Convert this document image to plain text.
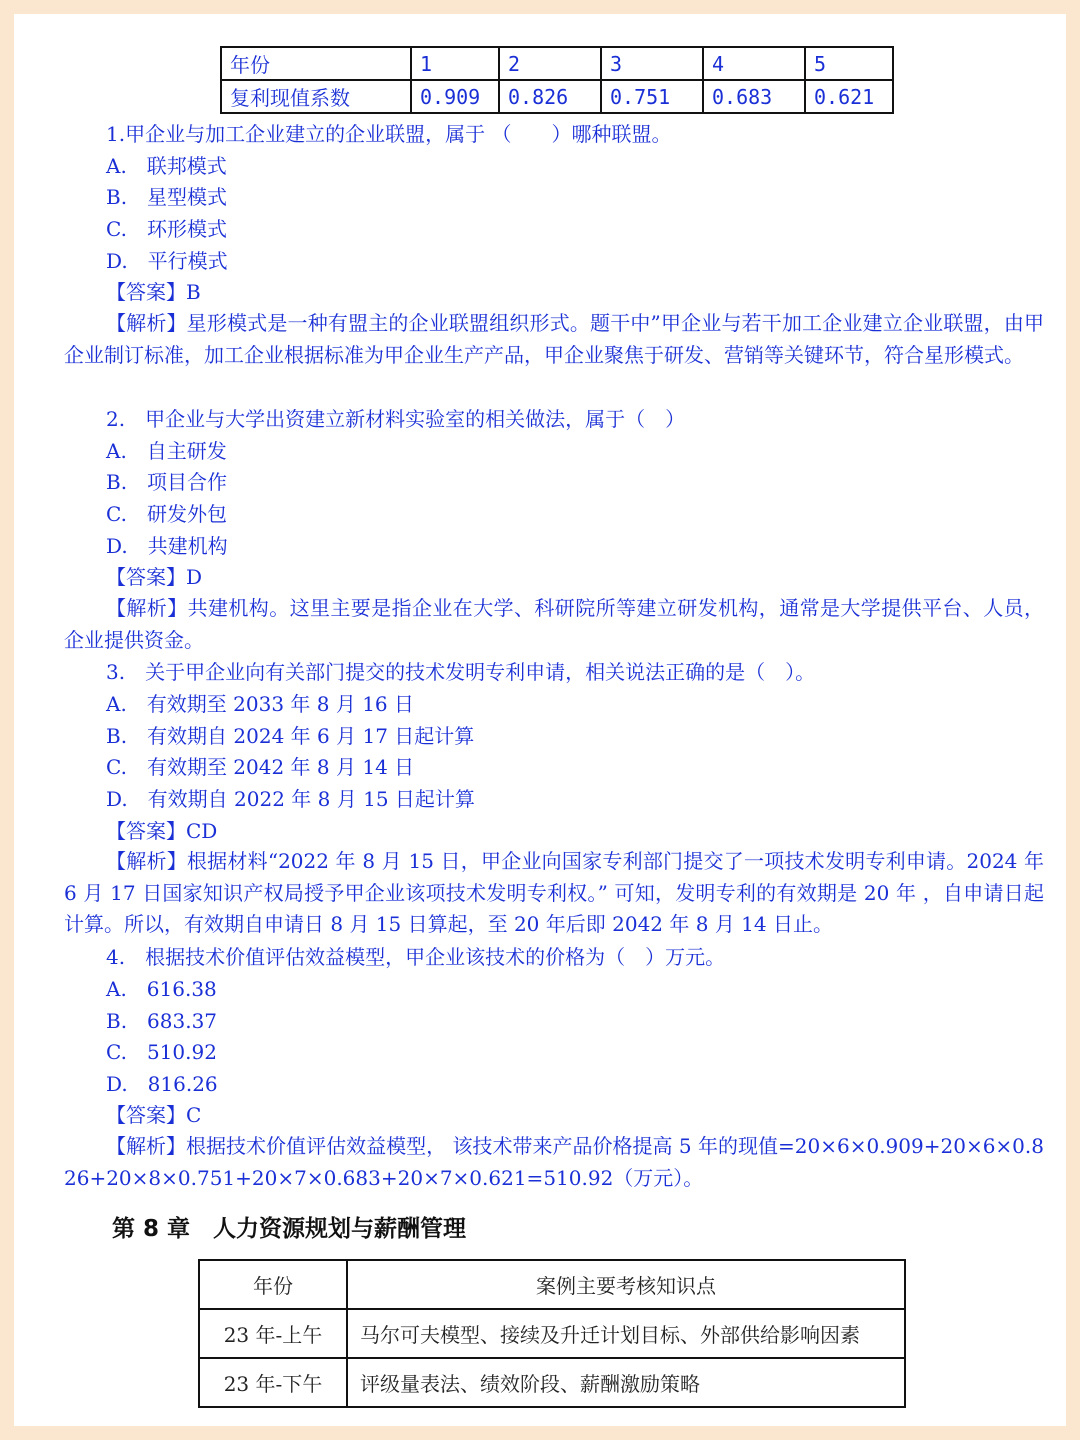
年份	1	2	3	4	5
复利现值系数	0.909	0.826	0.751	0.683	0.621
1.甲企业与加工企业建立的企业联盟，属于 （　　）哪种联盟。
A.　联邦模式
B.　星型模式
C.　环形模式
D.　平行模式
【答案】B
【解析】星形模式是一种有盟主的企业联盟组织形式。题干中”甲企业与若干加工企业建立企业联盟，由甲企业制订标准，加工企业根据标准为甲企业生产产品，甲企业聚焦于研发、营销等关键环节，符合星形模式。
2.　甲企业与大学出资建立新材料实验室的相关做法，属于（　）
A.　自主研发
B.　项目合作
C.　研发外包
D.　共建机构
【答案】D
【解析】共建机构。这里主要是指企业在大学、科研院所等建立研发机构，通常是大学提供平台、人员，企业提供资金。
3.　关于甲企业向有关部门提交的技术发明专利申请，相关说法正确的是（　）。
A.　有效期至 2033 年 8 月 16 日
B.　有效期自 2024 年 6 月 17 日起计算
C.　有效期至 2042 年 8 月 14 日
D.　有效期自 2022 年 8 月 15 日起计算
【答案】CD
【解析】根据材料“2022 年 8 月 15 日，甲企业向国家专利部门提交了一项技术发明专利申请。2024 年 6 月 17 日国家知识产权局授予甲企业该项技术发明专利权。” 可知，发明专利的有效期是 20 年 ，自申请日起计算。所以，有效期自申请日 8 月 15 日算起，至 20 年后即 2042 年 8 月 14 日止。
4.　根据技术价值评估效益模型，甲企业该技术的价格为（　）万元。
A.　616.38
B.　683.37
C.　510.92
D.　816.26
【答案】C
【解析】根据技术价值评估效益模型， 该技术带来产品价格提高 5 年的现值=20×6×0.909+20×6×0.826+20×8×0.751+20×7×0.683+20×7×0.621=510.92（万元）。
第 8 章　人力资源规划与薪酬管理
年份	案例主要考核知识点
23 年-上午	马尔可夫模型、接续及升迁计划目标、外部供给影响因素
23 年-下午	评级量表法、绩效阶段、薪酬激励策略
